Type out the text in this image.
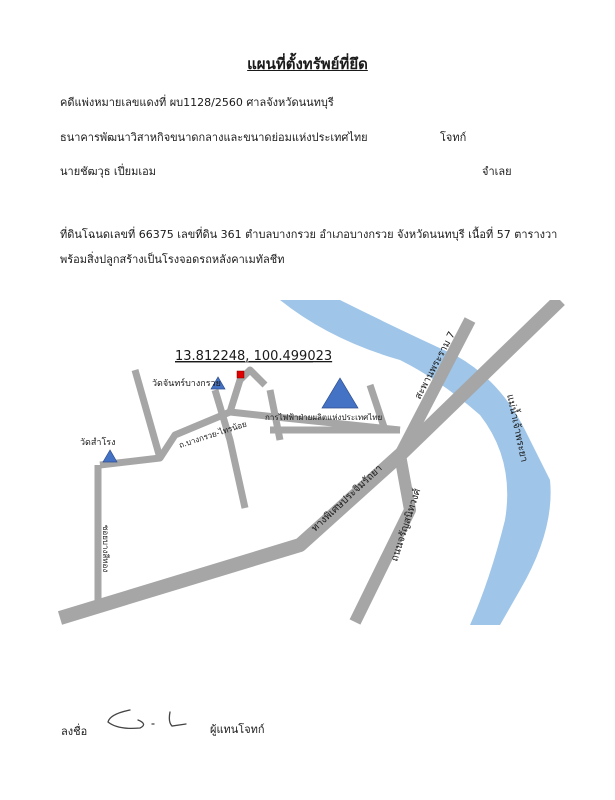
แผนที่ตั้งทรัพย์ที่ยึด
คดีแพ่งหมายเลขแดงที่ ผบ1128/2560 ศาลจังหวัดนนทบุรี
ธนาคารพัฒนาวิสาหกิจขนาดกลางและขนาดย่อมแห่งประเทศไทย	โจทก์
นายชัฒวุธ เปี่ยมเอม	จำเลย
ที่ดินโฉนดเลขที่ 66375 เลขที่ดิน 361 ตำบลบางกรวย อำเภอบางกรวย จังหวัดนนทบุรี เนื้อที่ 57 ตารางวา พร้อมสิ่งปลูกสร้างเป็นโรงจอดรถหลังคาเมทัลชีท
13.812248, 100.499023
วัดจันทร์บางกรวย
วัดสำโรง
การไฟฟ้าฝ่ายผลิตแห่งประเทศไทย
ถ.บางกรวย-ไทรน้อย
ซอยบางสีทอง
สะพานพระราม 7
ทางพิเศษประจิมรัถยา ถนนจรัญสนิทวงศ์
แม่น้ำเจ้าพระยา
ลงชื่อ	ผู้แทนโจทก์
